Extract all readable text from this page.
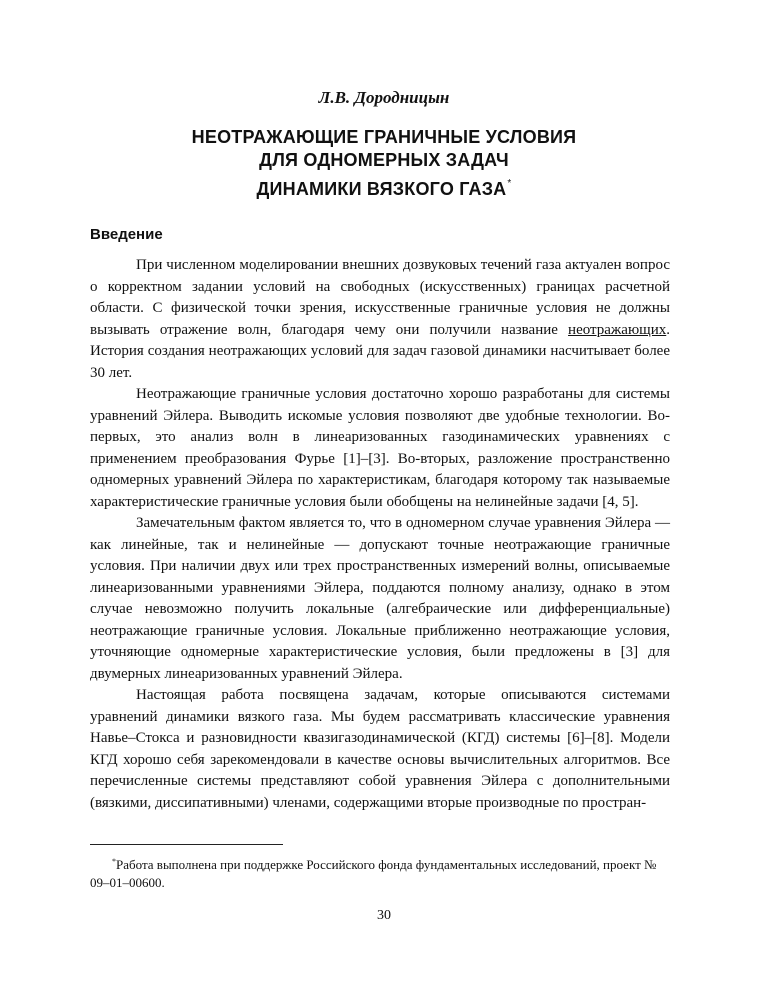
Л.В. Дородницын
НЕОТРАЖАЮЩИЕ ГРАНИЧНЫЕ УСЛОВИЯ
ДЛЯ ОДНОМЕРНЫХ ЗАДАЧ
ДИНАМИКИ ВЯЗКОГО ГАЗА*
Введение

При численном моделировании внешних дозвуковых течений газа актуален вопрос о корректном задании условий на свободных (искусственных) границах расчетной области. С физической точки зрения, искусственные граничные условия не должны вызывать отражение волн, благодаря чему они получили название неотражающих. История создания неотражающих условий для задач газовой динамики насчитывает более 30 лет.

Неотражающие граничные условия достаточно хорошо разработаны для системы уравнений Эйлера. Выводить искомые условия позволяют две удобные технологии. Во-первых, это анализ волн в линеаризованных газодинамических уравнениях с применением преобразования Фурье [1]–[3]. Во-вторых, разложение пространственно одномерных уравнений Эйлера по характеристикам, благодаря которому так называемые характеристические граничные условия были обобщены на нелинейные задачи [4, 5].

Замечательным фактом является то, что в одномерном случае уравнения Эйлера — как линейные, так и нелинейные — допускают точные неотражающие граничные условия. При наличии двух или трех пространственных измерений волны, описываемые линеаризованными уравнениями Эйлера, поддаются полному анализу, однако в этом случае невозможно получить локальные (алгебраические или дифференциальные) неотражающие граничные условия. Локальные приближенно неотражающие условия, уточняющие одномерные характеристические условия, были предложены в [3] для двумерных линеаризованных уравнений Эйлера.

Настоящая работа посвящена задачам, которые описываются системами уравнений динамики вязкого газа. Мы будем рассматривать классические уравнения Навье–Стокса и разновидности квазигазодинамической (КГД) системы [6]–[8]. Модели КГД хорошо себя зарекомендовали в качестве основы вычислительных алгоритмов. Все перечисленные системы представляют собой уравнения Эйлера с дополнительными (вязкими, диссипативными) членами, содержащими вторые производные по простран-

*Работа выполнена при поддержке Российского фонда фундаментальных исследований, проект № 09–01–00600.
30
